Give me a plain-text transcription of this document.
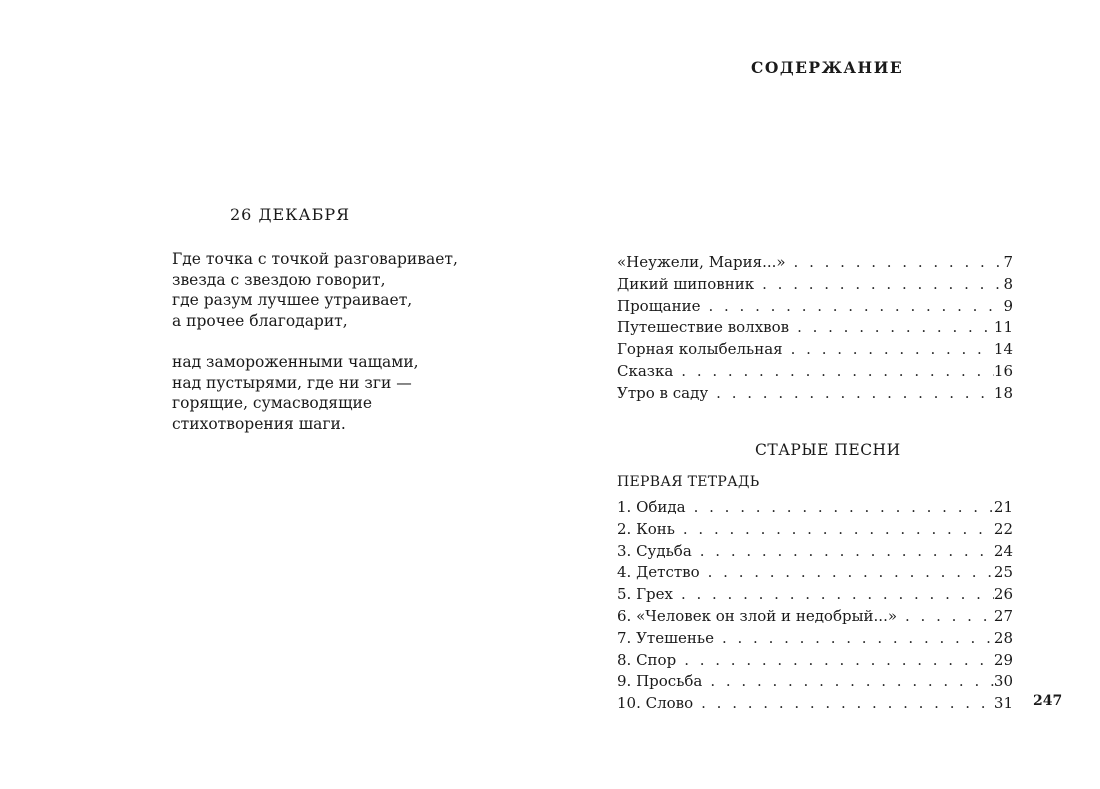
26 ДЕКАБРЯ
Где точка с точкой разговаривает,
звезда с звездою говорит,
где разум лучшее утраивает,
а прочее благодарит,
над замороженными чащами,
над пустырями, где ни зги —
горящие, сумасводящие
стихотворения шаги.
СОДЕРЖАНИЕ
«Неужели, Мария...» . . .	7
Дикий шиповник . . .	8
Прощание . . .	9
Путешествие волхвов . . .	11
Горная колыбельная . . .	14
Сказка . . .	16
Утро в саду . . .	18
СТАРЫЕ ПЕСНИ
ПЕРВАЯ ТЕТРАДЬ
1. Обида . . .	21
2. Конь . . .	22
3. Судьба . . .	24
4. Детство . . .	25
5. Грех . . .	26
6. «Человек он злой и недобрый...» . . .	27
7. Утешенье . . .	28
8. Спор . . .	29
9. Просьба . . .	30
10. Слово . . .	31 247
